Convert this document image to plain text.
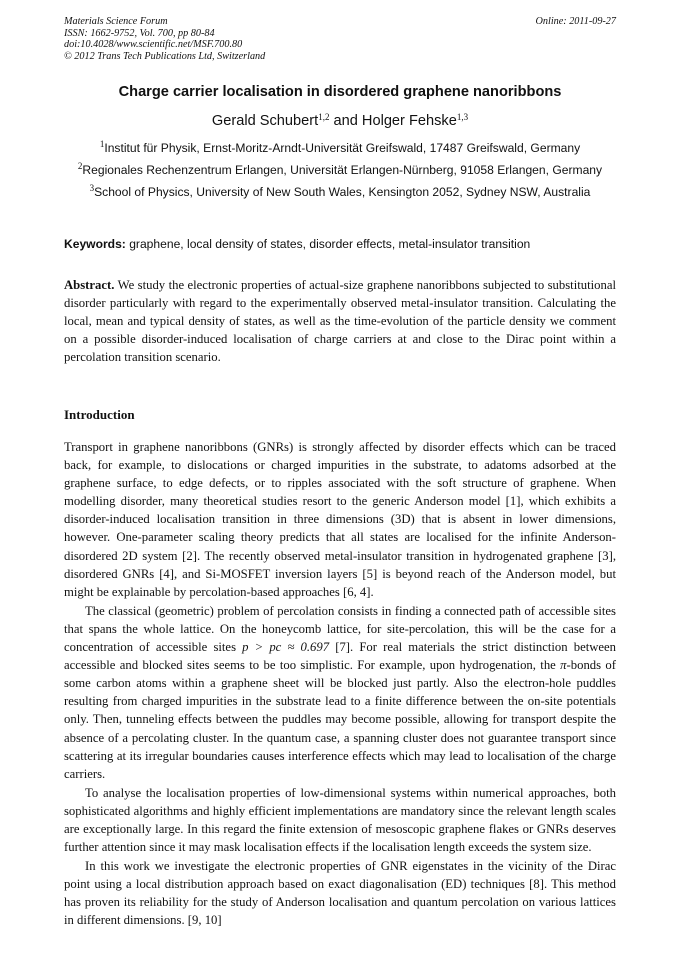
Materials Science Forum
ISSN: 1662-9752, Vol. 700, pp 80-84
doi:10.4028/www.scientific.net/MSF.700.80
© 2012 Trans Tech Publications Ltd, Switzerland
Online: 2011-09-27
Charge carrier localisation in disordered graphene nanoribbons
Gerald Schubert$^{1,2}$ and Holger Fehske$^{1,3}$
$^1$Institut für Physik, Ernst-Moritz-Arndt-Universität Greifswald, 17487 Greifswald, Germany
$^2$Regionales Rechenzentrum Erlangen, Universität Erlangen-Nürnberg, 91058 Erlangen, Germany
$^3$School of Physics, University of New South Wales, Kensington 2052, Sydney NSW, Australia
Keywords: graphene, local density of states, disorder effects, metal-insulator transition
Abstract. We study the electronic properties of actual-size graphene nanoribbons subjected to substitutional disorder particularly with regard to the experimentally observed metal-insulator transition. Calculating the local, mean and typical density of states, as well as the time-evolution of the particle density we comment on a possible disorder-induced localisation of charge carriers at and close to the Dirac point within a percolation transition scenario.
Introduction

Transport in graphene nanoribbons (GNRs) is strongly affected by disorder effects which can be traced back, for example, to dislocations or charged impurities in the substrate, to adatoms adsorbed at the graphene surface, to edge defects, or to ripples associated with the soft structure of graphene. When modelling disorder, many theoretical studies resort to the generic Anderson model [1], which exhibits a disorder-induced localisation transition in three dimensions (3D) that is absent in lower dimensions, however. One-parameter scaling theory predicts that all states are localised for the infinite Anderson-disordered 2D system [2]. The recently observed metal-insulator transition in hydrogenated graphene [3], disordered GNRs [4], and Si-MOSFET inversion layers [5] is beyond reach of the Anderson model, but might be explainable by percolation-based approaches [6, 4].

The classical (geometric) problem of percolation consists in finding a connected path of accessible sites that spans the whole lattice. On the honeycomb lattice, for site-percolation, this will be the case for a concentration of accessible sites p > pc ≈ 0.697 [7]. For real materials the strict distinction between accessible and blocked sites seems to be too simplistic. For example, upon hydrogenation, the π-bonds of some carbon atoms within a graphene sheet will be blocked just partly. Also the electron-hole puddles resulting from charged impurities in the substrate lead to a finite difference between the on-site potentials only. Then, tunneling effects between the puddles may become possible, allowing for transport despite the absence of a percolating cluster. In the quantum case, a spanning cluster does not guarantee transport since scattering at its irregular boundaries causes interference effects which may lead to localisation of the charge carriers.

To analyse the localisation properties of low-dimensional systems within numerical approaches, both sophisticated algorithms and highly efficient implementations are mandatory since the relevant length scales are exceptionally large. In this regard the finite extension of mesoscopic graphene flakes or GNRs deserves further attention since it may mask localisation effects if the localisation length exceeds the system size.

In this work we investigate the electronic properties of GNR eigenstates in the vicinity of the Dirac point using a local distribution approach based on exact diagonalisation (ED) techniques [8]. This method has proven its reliability for the study of Anderson localisation and quantum percolation on various lattices in different dimensions. [9, 10]
